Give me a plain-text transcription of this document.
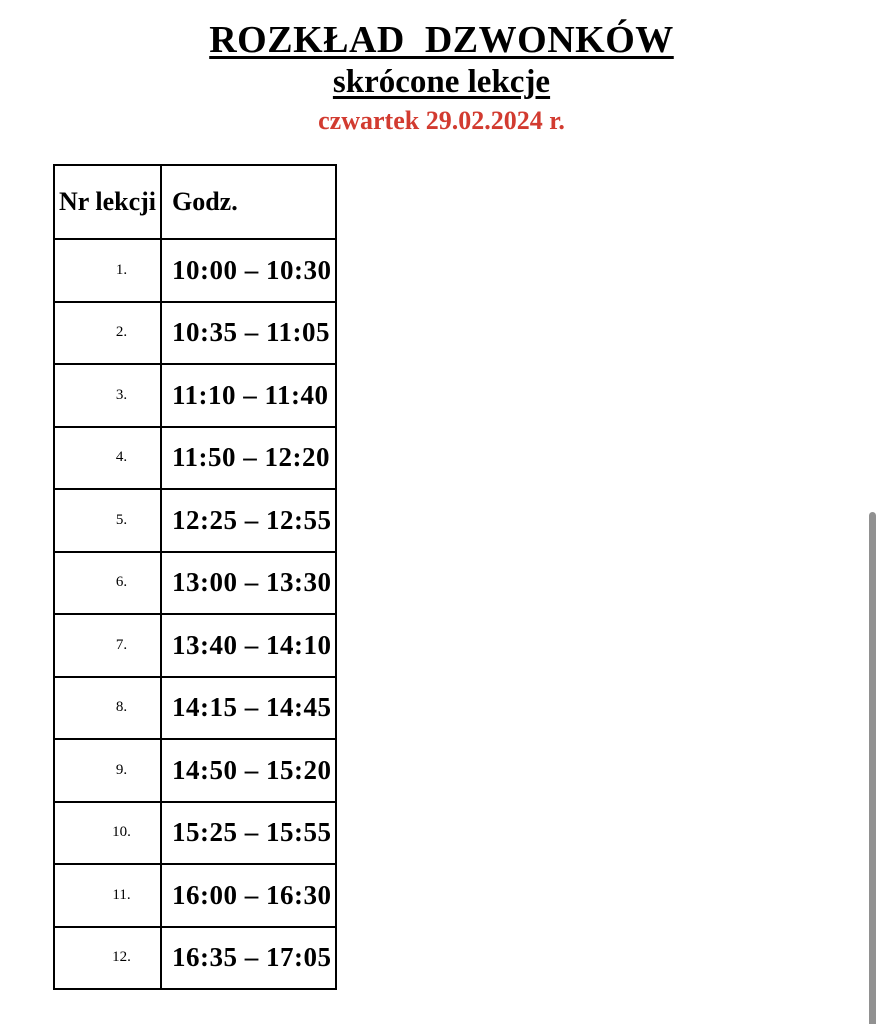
ROZKŁAD  DZWONKÓW
skrócone lekcje
czwartek 29.02.2024 r.
Nr lekcji	Godz.
1.	10:00 – 10:30
2.	10:35 – 11:05
3.	11:10 – 11:40
4.	11:50 – 12:20
5.	12:25 – 12:55
6.	13:00 – 13:30
7.	13:40 – 14:10
8.	14:15 – 14:45
9.	14:50 – 15:20
10.	15:25 – 15:55
11.	16:00 – 16:30
12.	16:35 – 17:05
